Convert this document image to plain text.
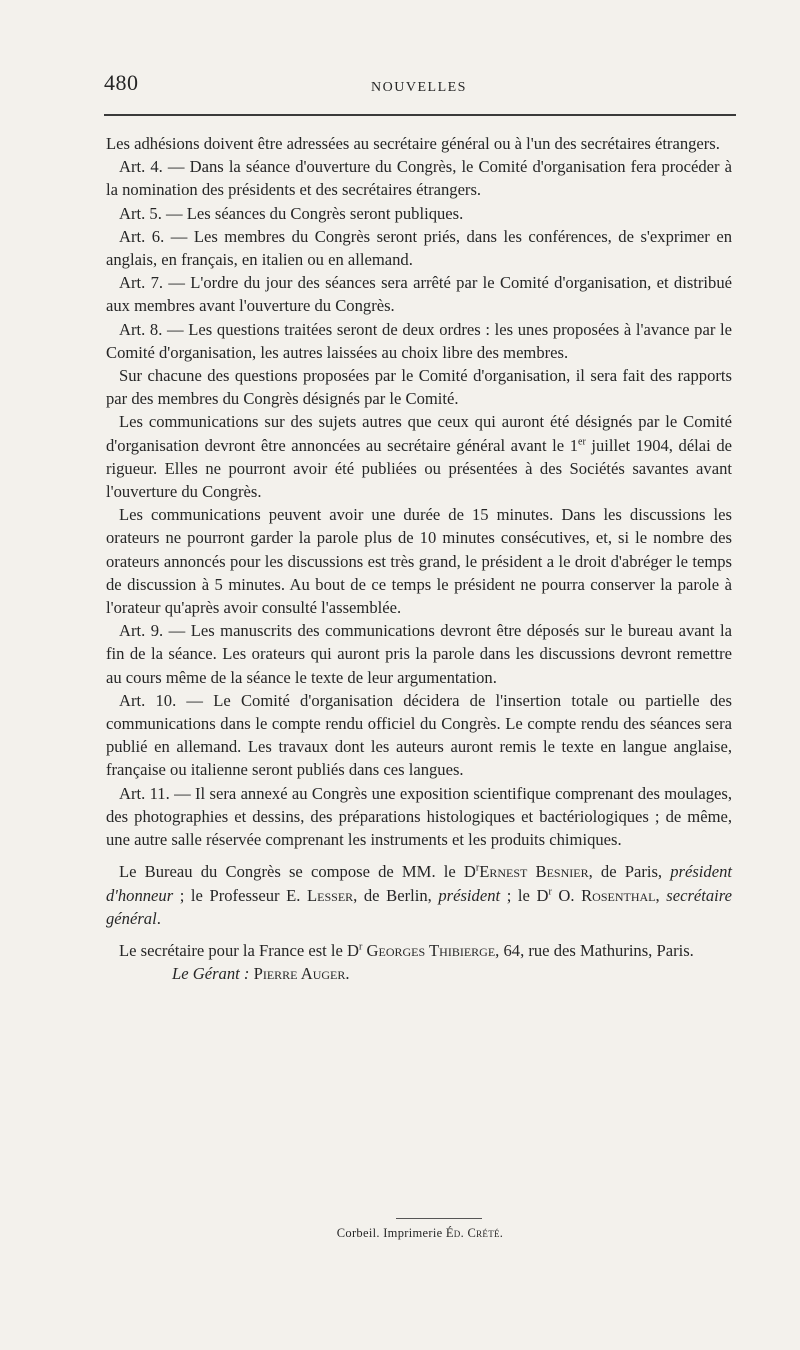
480	NOUVELLES

Les adhésions doivent être adressées au secrétaire général ou à l'un des secrétaires étrangers.

Art. 4. — Dans la séance d'ouverture du Congrès, le Comité d'organisation fera procéder à la nomination des présidents et des secrétaires étrangers.

Art. 5. — Les séances du Congrès seront publiques.

Art. 6. — Les membres du Congrès seront priés, dans les conférences, de s'exprimer en anglais, en français, en italien ou en allemand.

Art. 7. — L'ordre du jour des séances sera arrêté par le Comité d'organisation, et distribué aux membres avant l'ouverture du Congrès.

Art. 8. — Les questions traitées seront de deux ordres : les unes proposées à l'avance par le Comité d'organisation, les autres laissées au choix libre des membres.

Sur chacune des questions proposées par le Comité d'organisation, il sera fait des rapports par des membres du Congrès désignés par le Comité.

Les communications sur des sujets autres que ceux qui auront été désignés par le Comité d'organisation devront être annoncées au secrétaire général avant le 1er juillet 1904, délai de rigueur. Elles ne pourront avoir été publiées ou présentées à des Sociétés savantes avant l'ouverture du Congrès.

Les communications peuvent avoir une durée de 15 minutes. Dans les discussions les orateurs ne pourront garder la parole plus de 10 minutes consécutives, et, si le nombre des orateurs annoncés pour les discussions est très grand, le président a le droit d'abréger le temps de discussion à 5 minutes. Au bout de ce temps le président ne pourra conserver la parole à l'orateur qu'après avoir consulté l'assemblée.

Art. 9. — Les manuscrits des communications devront être déposés sur le bureau avant la fin de la séance. Les orateurs qui auront pris la parole dans les discussions devront remettre au cours même de la séance le texte de leur argumentation.

Art. 10. — Le Comité d'organisation décidera de l'insertion totale ou partielle des communications dans le compte rendu officiel du Congrès. Le compte rendu des séances sera publié en allemand. Les travaux dont les auteurs auront remis le texte en langue anglaise, française ou italienne seront publiés dans ces langues.

Art. 11. — Il sera annexé au Congrès une exposition scientifique comprenant des moulages, des photographies et dessins, des préparations histologiques et bactériologiques ; de même, une autre salle réservée comprenant les instruments et les produits chimiques.

Le Bureau du Congrès se compose de MM. le $D^rErnest$ Besnier, de Paris, président d'honneur ; le Professeur E. Lesser, de Berlin, président ; le $D^r$ O. Rosenthal, secrétaire général.

Le secrétaire pour la France est le $D^r$ Georges Thibierge, 64, rue des Mathurins, Paris.

Le Gérant : Pierre Auger.

Corbeil. Imprimerie Éd. Crété.
